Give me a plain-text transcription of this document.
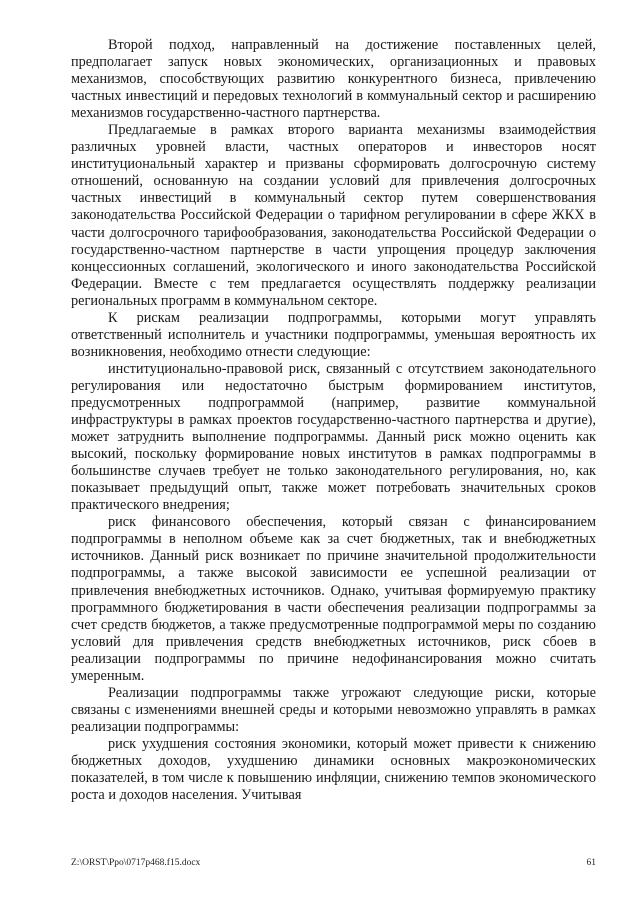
Второй подход, направленный на достижение поставленных целей, предполагает запуск новых экономических, организационных и правовых механизмов, способствующих развитию конкурентного бизнеса, привлечению частных инвестиций и передовых технологий в коммунальный сектор и расширению механизмов государственно-частного партнерства.

Предлагаемые в рамках второго варианта механизмы взаимодействия различных уровней власти, частных операторов и инвесторов носят институциональный характер и призваны сформировать долгосрочную систему отношений, основанную на создании условий для привлечения долгосрочных частных инвестиций в коммунальный сектор путем совершенствования законодательства Российской Федерации о тарифном регулировании в сфере ЖКХ в части долгосрочного тарифообразования, законодательства Российской Федерации о государственно-частном партнерстве в части упрощения процедур заключения концессионных соглашений, экологического и иного законодательства Российской Федерации. Вместе с тем предлагается осуществлять поддержку реализации региональных программ в коммунальном секторе.

К рискам реализации подпрограммы, которыми могут управлять ответственный исполнитель и участники подпрограммы, уменьшая вероятность их возникновения, необходимо отнести следующие:

институционально-правовой риск, связанный с отсутствием законодательного регулирования или недостаточно быстрым формированием институтов, предусмотренных подпрограммой (например, развитие коммунальной инфраструктуры в рамках проектов государственно-частного партнерства и другие), может затруднить выполнение подпрограммы. Данный риск можно оценить как высокий, поскольку формирование новых институтов в рамках подпрограммы в большинстве случаев требует не только законодательного регулирования, но, как показывает предыдущий опыт, также может потребовать значительных сроков практического внедрения;

риск финансового обеспечения, который связан с финансированием подпрограммы в неполном объеме как за счет бюджетных, так и внебюджетных источников. Данный риск возникает по причине значительной продолжительности подпрограммы, а также высокой зависимости ее успешной реализации от привлечения внебюджетных источников. Однако, учитывая формируемую практику программного бюджетирования в части обеспечения реализации подпрограммы за счет средств бюджетов, а также предусмотренные подпрограммой меры по созданию условий для привлечения средств внебюджетных источников, риск сбоев в реализации подпрограммы по причине недофинансирования можно считать умеренным.

Реализации подпрограммы также угрожают следующие риски, которые связаны с изменениями внешней среды и которыми невозможно управлять в рамках реализации подпрограммы:

риск ухудшения состояния экономики, который может привести к снижению бюджетных доходов, ухудшению динамики основных макроэкономических показателей, в том числе к повышению инфляции, снижению темпов экономического роста и доходов населения. Учитывая

Z:\ORST\Ppo\0717p468.f15.docx	61
